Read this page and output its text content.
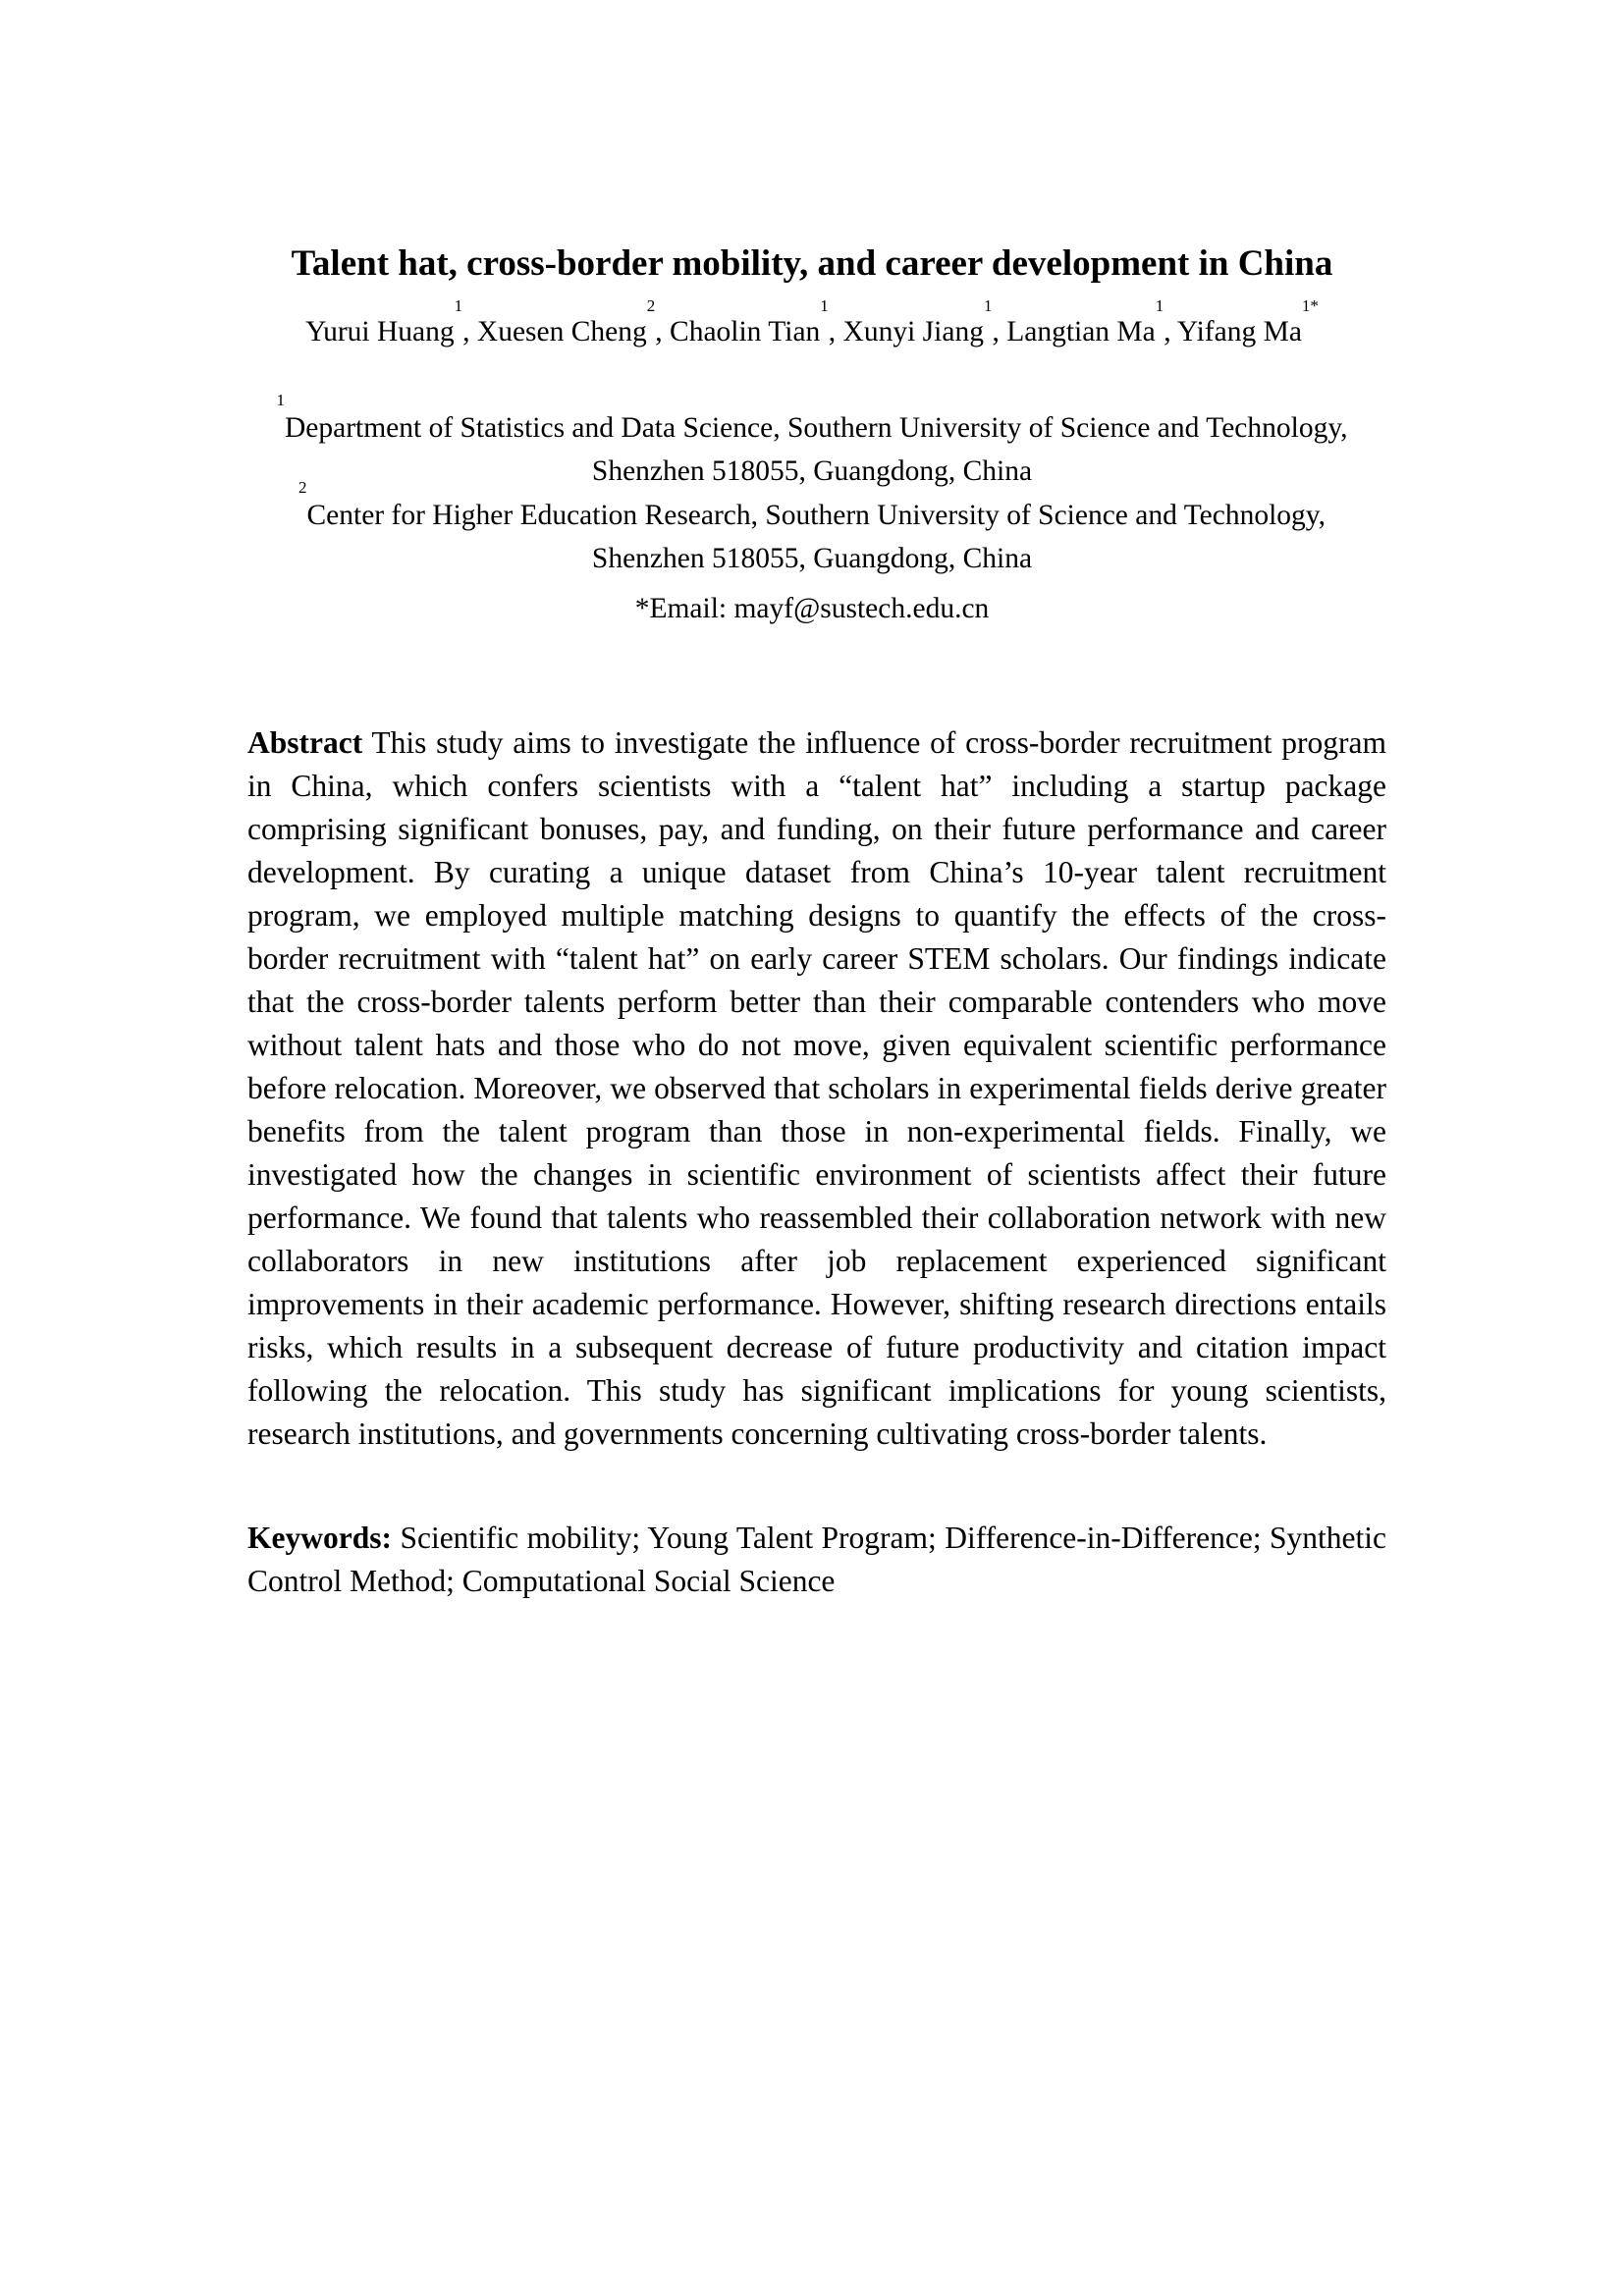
Talent hat, cross-border mobility, and career development in China

Yurui Huang$^1$, Xuesen Cheng$^2$, Chaolin Tian$^1$, Xunyi Jiang$^1$, Langtian Ma$^1$, Yifang $Ma^{1*}$

$^1$Department of Statistics and Data Science, Southern University of Science and Technology,
Shenzhen 518055, Guangdong, China

$^2$Center for Higher Education Research, Southern University of Science and Technology,
Shenzhen 518055, Guangdong, China

*Email: mayf@sustech.edu.cn

Abstract This study aims to investigate the influence of cross-border recruitment program in China, which confers scientists with a “talent hat” including a startup package comprising significant bonuses, pay, and funding, on their future performance and career development. By curating a unique dataset from China’s 10-year talent recruitment program, we employed multiple matching designs to quantify the effects of the cross-border recruitment with “talent hat” on early career STEM scholars. Our findings indicate that the cross-border talents perform better than their comparable contenders who move without talent hats and those who do not move, given equivalent scientific performance before relocation. Moreover, we observed that scholars in experimental fields derive greater benefits from the talent program than those in non-experimental fields. Finally, we investigated how the changes in scientific environment of scientists affect their future performance. We found that talents who reassembled their collaboration network with new collaborators in new institutions after job replacement experienced significant improvements in their academic performance. However, shifting research directions entails risks, which results in a subsequent decrease of future productivity and citation impact following the relocation. This study has significant implications for young scientists, research institutions, and governments concerning cultivating cross-border talents.

Keywords: Scientific mobility; Young Talent Program; Difference-in-Difference; Synthetic Control Method; Computational Social Science
